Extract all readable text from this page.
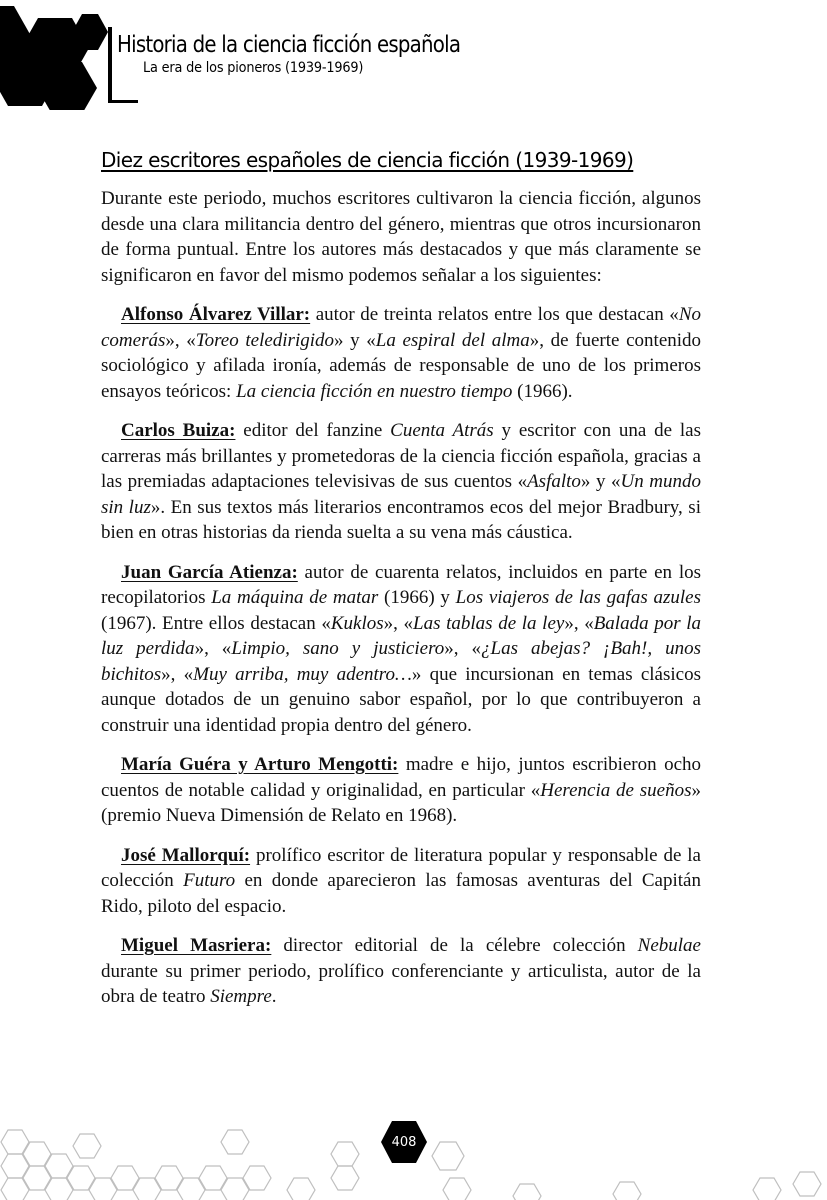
Historia de la ciencia ficción española

La era de los pioneros (1939-1969)

Diez escritores españoles de ciencia ficción (1939-1969)

Durante este periodo, muchos escritores cultivaron la ciencia ficción, algunos desde una clara militancia dentro del género, mientras que otros incursionaron de forma puntual. Entre los autores más destacados y que más claramente se significaron en favor del mismo podemos señalar a los siguientes:

Alfonso Álvarez Villar: autor de treinta relatos entre los que destacan «No comerás», «Toreo teledirigido» y «La espiral del alma», de fuerte contenido sociológico y afilada ironía, además de responsable de uno de los primeros ensayos teóricos: La ciencia ficción en nuestro tiempo (1966).

Carlos Buiza: editor del fanzine Cuenta Atrás y escritor con una de las carreras más brillantes y prometedoras de la ciencia ficción española, gracias a las premiadas adaptaciones televisivas de sus cuentos «Asfalto» y «Un mundo sin luz». En sus textos más literarios encontramos ecos del mejor Bradbury, si bien en otras historias da rienda suelta a su vena más cáustica.

Juan García Atienza: autor de cuarenta relatos, incluidos en parte en los recopilatorios La máquina de matar (1966) y Los viajeros de las gafas azules (1967). Entre ellos destacan «Kuklos», «Las tablas de la ley», «Balada por la luz perdida», «Limpio, sano y justiciero», «¿Las abejas? ¡Bah!, unos bichitos», «Muy arriba, muy adentro…» que incursionan en temas clásicos aunque dotados de un genuino sabor español, por lo que contribuyeron a construir una identidad propia dentro del género.

María Guéra y Arturo Mengotti: madre e hijo, juntos escribieron ocho cuentos de notable calidad y originalidad, en particular «Herencia de sueños» (premio Nueva Dimensión de Relato en 1968).

José Mallorquí: prolífico escritor de literatura popular y responsable de la colección Futuro en donde aparecieron las famosas aventuras del Capitán Rido, piloto del espacio.

Miguel Masriera: director editorial de la célebre colección Nebulae durante su primer periodo, prolífico conferenciante y articulista, autor de la obra de teatro Siempre.

408
